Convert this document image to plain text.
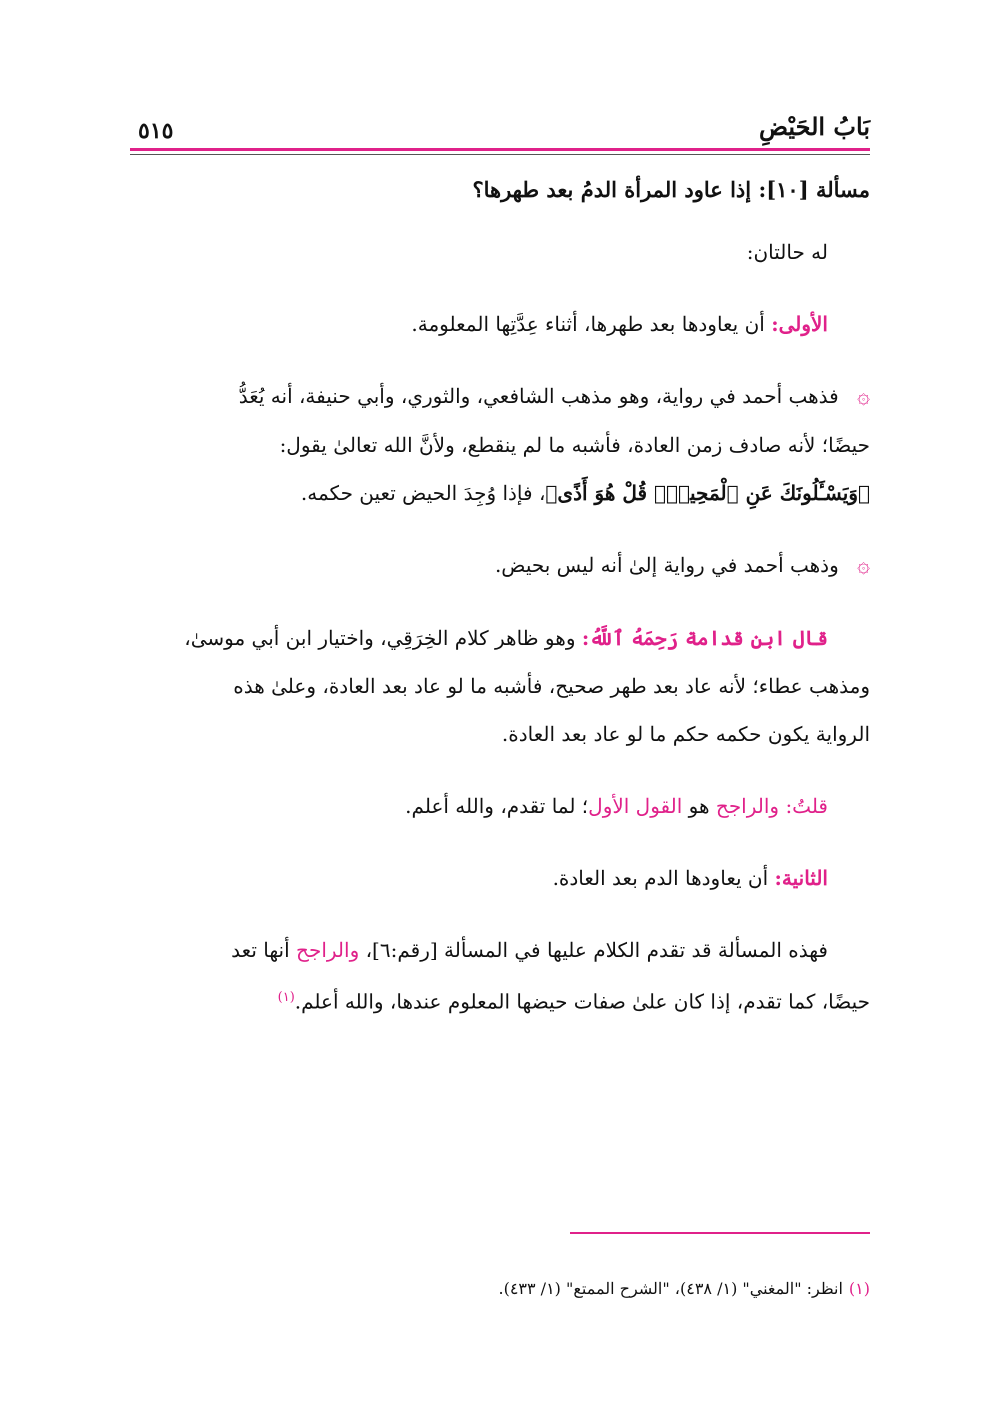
بَابُ الحَيْضِ
٥١٥

مسألة [١٠]: إذا عاود المرأة الدمُ بعد طهرها؟

له حالتان:

الأولى: أن يعاودها بعد طهرها، أثناء عِدَّتِها المعلومة.

۞ فذهب أحمد في رواية، وهو مذهب الشافعي، والثوري، وأبي حنيفة، أنه يُعَدُّ

حيضًا؛ لأنه صادف زمن العادة، فأشبه ما لم ينقطع، ولأنَّ الله تعالىٰ يقول:

﴿وَيَسْـَٔلُونَكَ عَنِ ٱلْمَحِيضِۖ قُلْ هُوَ أَذًى﴾، فإذا وُجِدَ الحيض تعين حكمه.

۞ وذهب أحمد في رواية إلىٰ أنه ليس بحيض.

قال ابن قدامة رَحِمَهُ ٱللَّهُ: وهو ظاهر كلام الخِرَقِي، واختيار ابن أبي موسىٰ،

ومذهب عطاء؛ لأنه عاد بعد طهر صحيح، فأشبه ما لو عاد بعد العادة، وعلىٰ هذه

الرواية يكون حكمه حكم ما لو عاد بعد العادة.

قلتُ: والراجح هو القول الأول؛ لما تقدم، والله أعلم.

الثانية: أن يعاودها الدم بعد العادة.

فهذه المسألة قد تقدم الكلام عليها في المسألة [رقم:٦]، والراجح أنها تعد

حيضًا، كما تقدم، إذا كان علىٰ صفات حيضها المعلوم عندها، والله أعلم.$^{(١)}$

(١)انظر: "المغني" (١/ ٤٣٨)، "الشرح الممتع" (١/ ٤٣٣).
